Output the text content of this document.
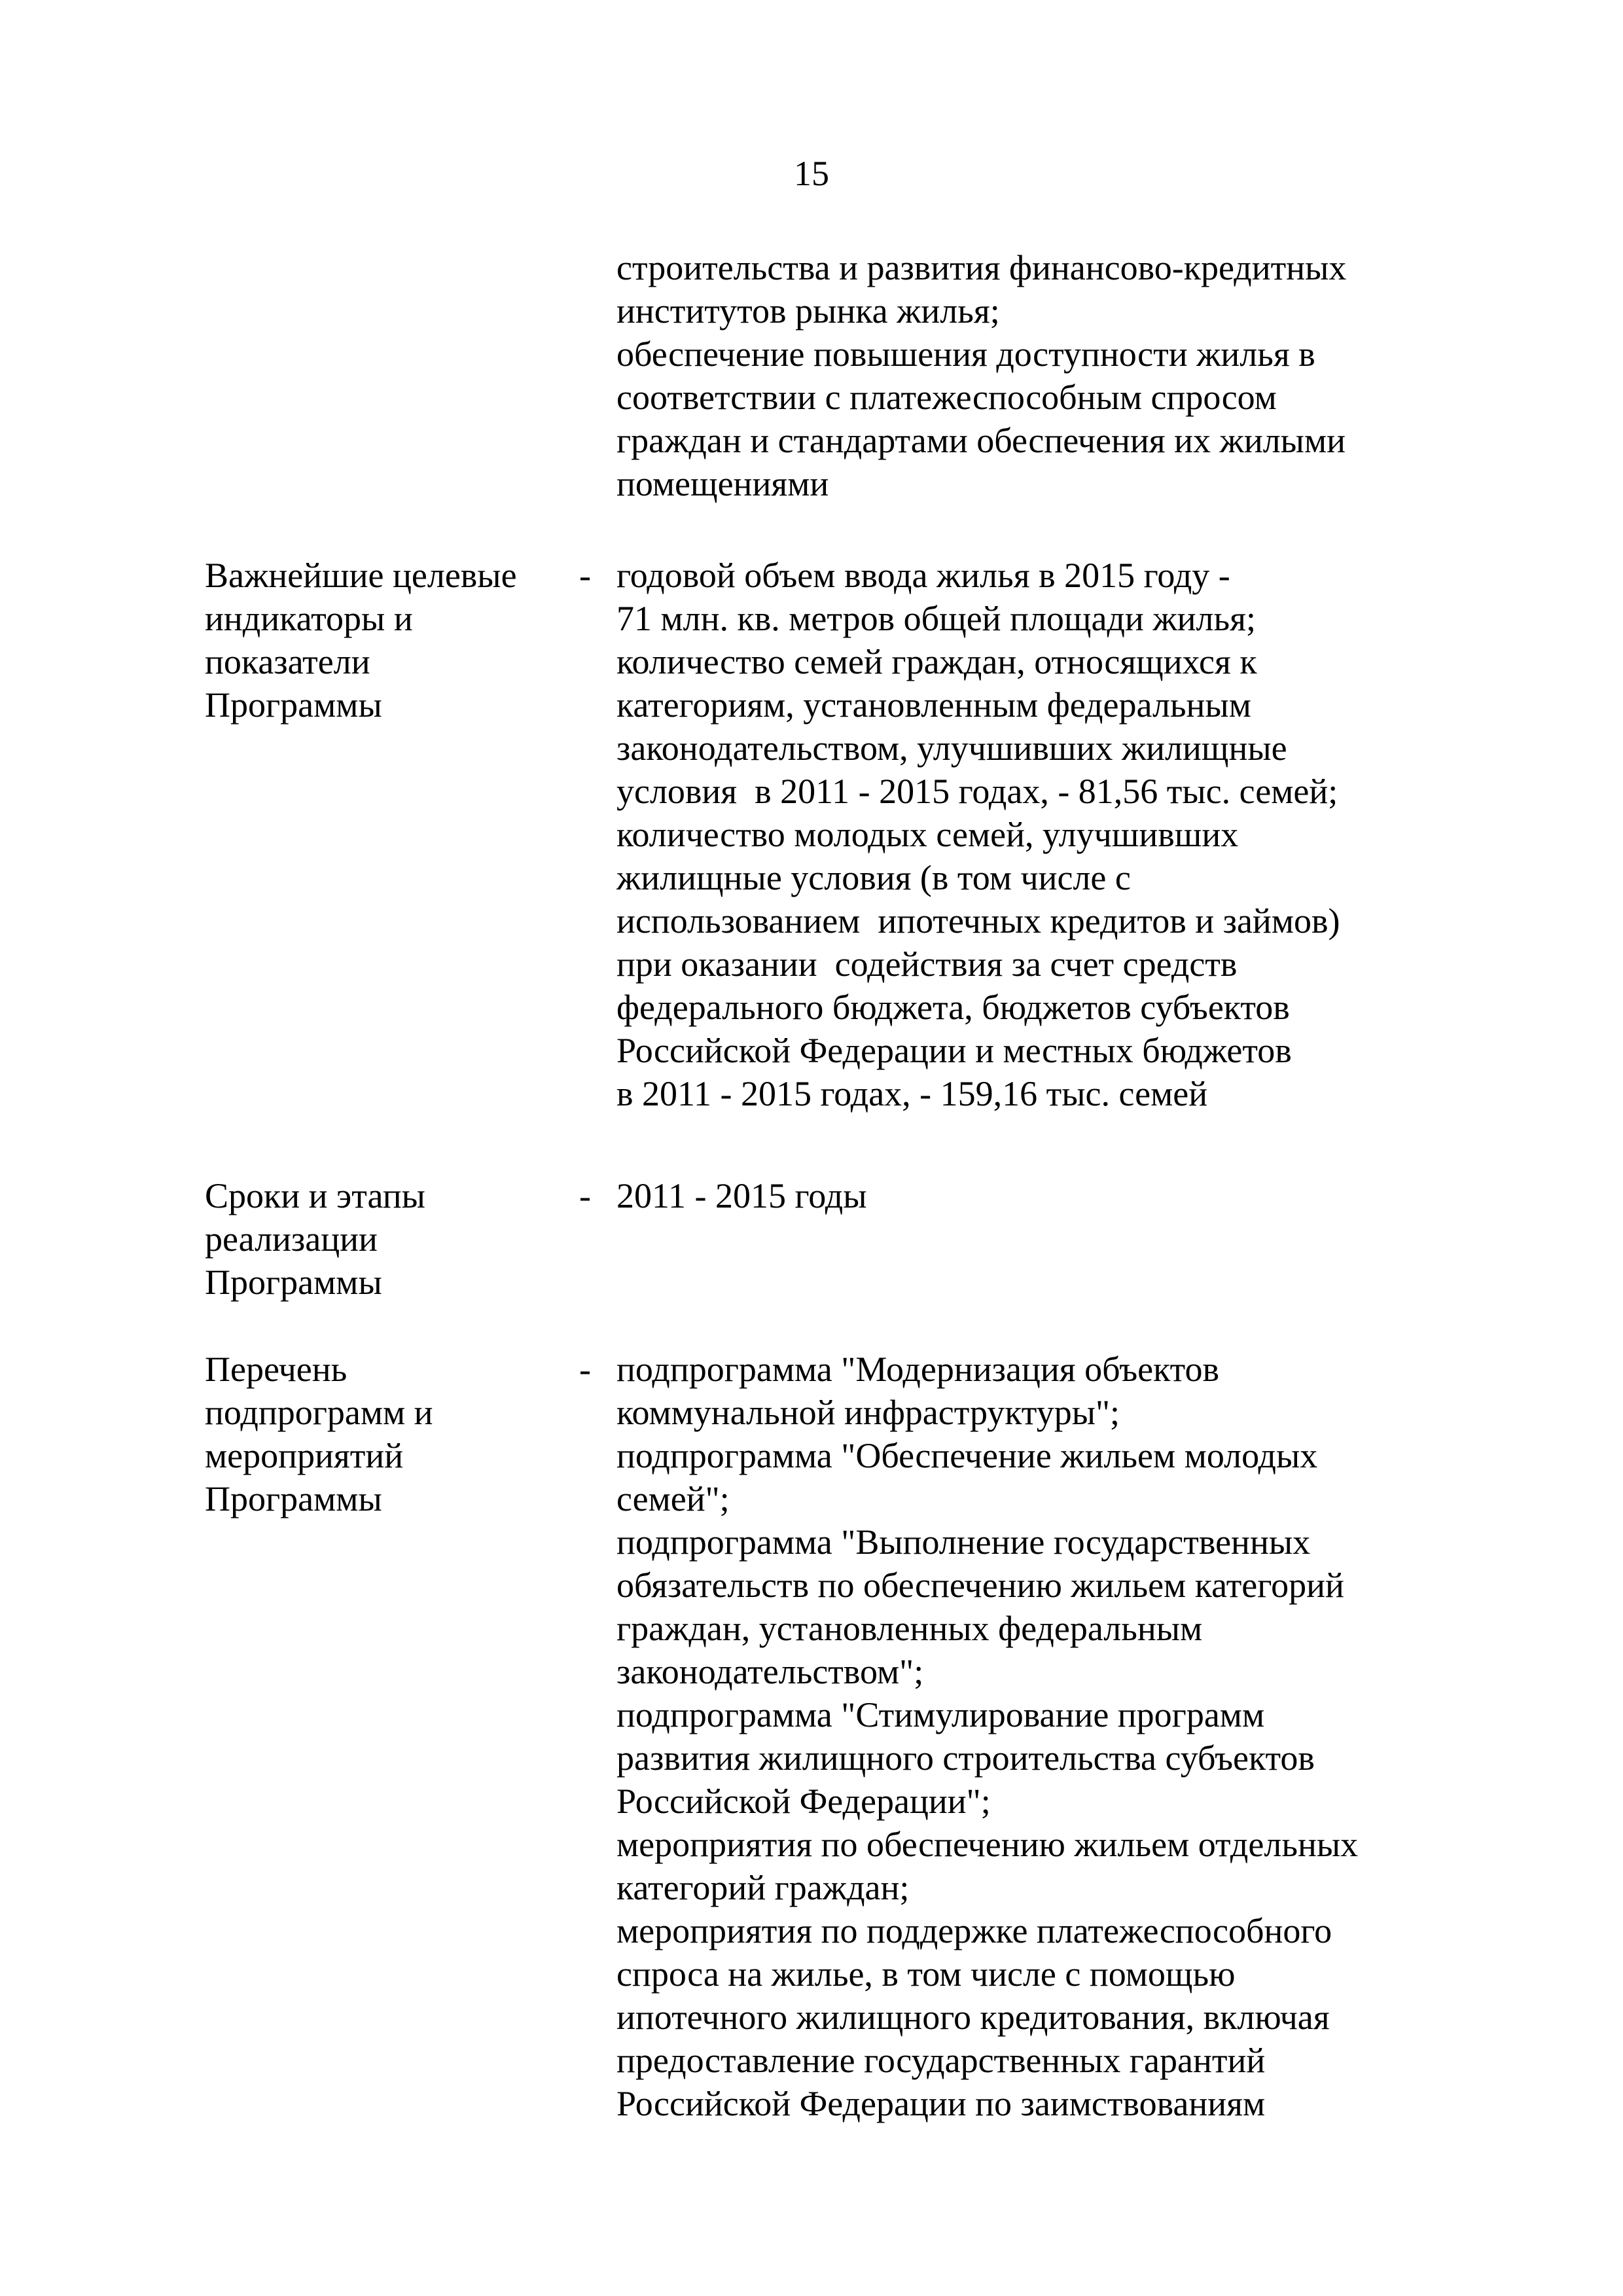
15
строительства и развития финансово-кредитных
институтов рынка жилья;
обеспечение повышения доступности жилья в
соответствии с платежеспособным спросом
граждан и стандартами обеспечения их жилыми
помещениями
Важнейшие целевые
индикаторы и
показатели
Программы
- годовой объем ввода жилья в 2015 году -
71 млн. кв. метров общей площади жилья;
количество семей граждан, относящихся к
категориям, установленным федеральным
законодательством, улучшивших жилищные
условия  в 2011 - 2015 годах, - 81,56 тыс. семей;
количество молодых семей, улучшивших
жилищные условия (в том числе с
использованием  ипотечных кредитов и займов)
при оказании  содействия за счет средств
федерального бюджета, бюджетов субъектов
Российской Федерации и местных бюджетов
в 2011 - 2015 годах, - 159,16 тыс. семей
Сроки и этапы
реализации
Программы
- 2011 - 2015 годы
Перечень
подпрограмм и
мероприятий
Программы
- подпрограмма "Модернизация объектов
коммунальной инфраструктуры";
подпрограмма "Обеспечение жильем молодых
семей";
подпрограмма "Выполнение государственных
обязательств по обеспечению жильем категорий
граждан, установленных федеральным
законодательством";
подпрограмма "Стимулирование программ
развития жилищного строительства субъектов
Российской Федерации";
мероприятия по обеспечению жильем отдельных
категорий граждан;
мероприятия по поддержке платежеспособного
спроса на жилье, в том числе с помощью
ипотечного жилищного кредитования, включая
предоставление государственных гарантий
Российской Федерации по заимствованиям
